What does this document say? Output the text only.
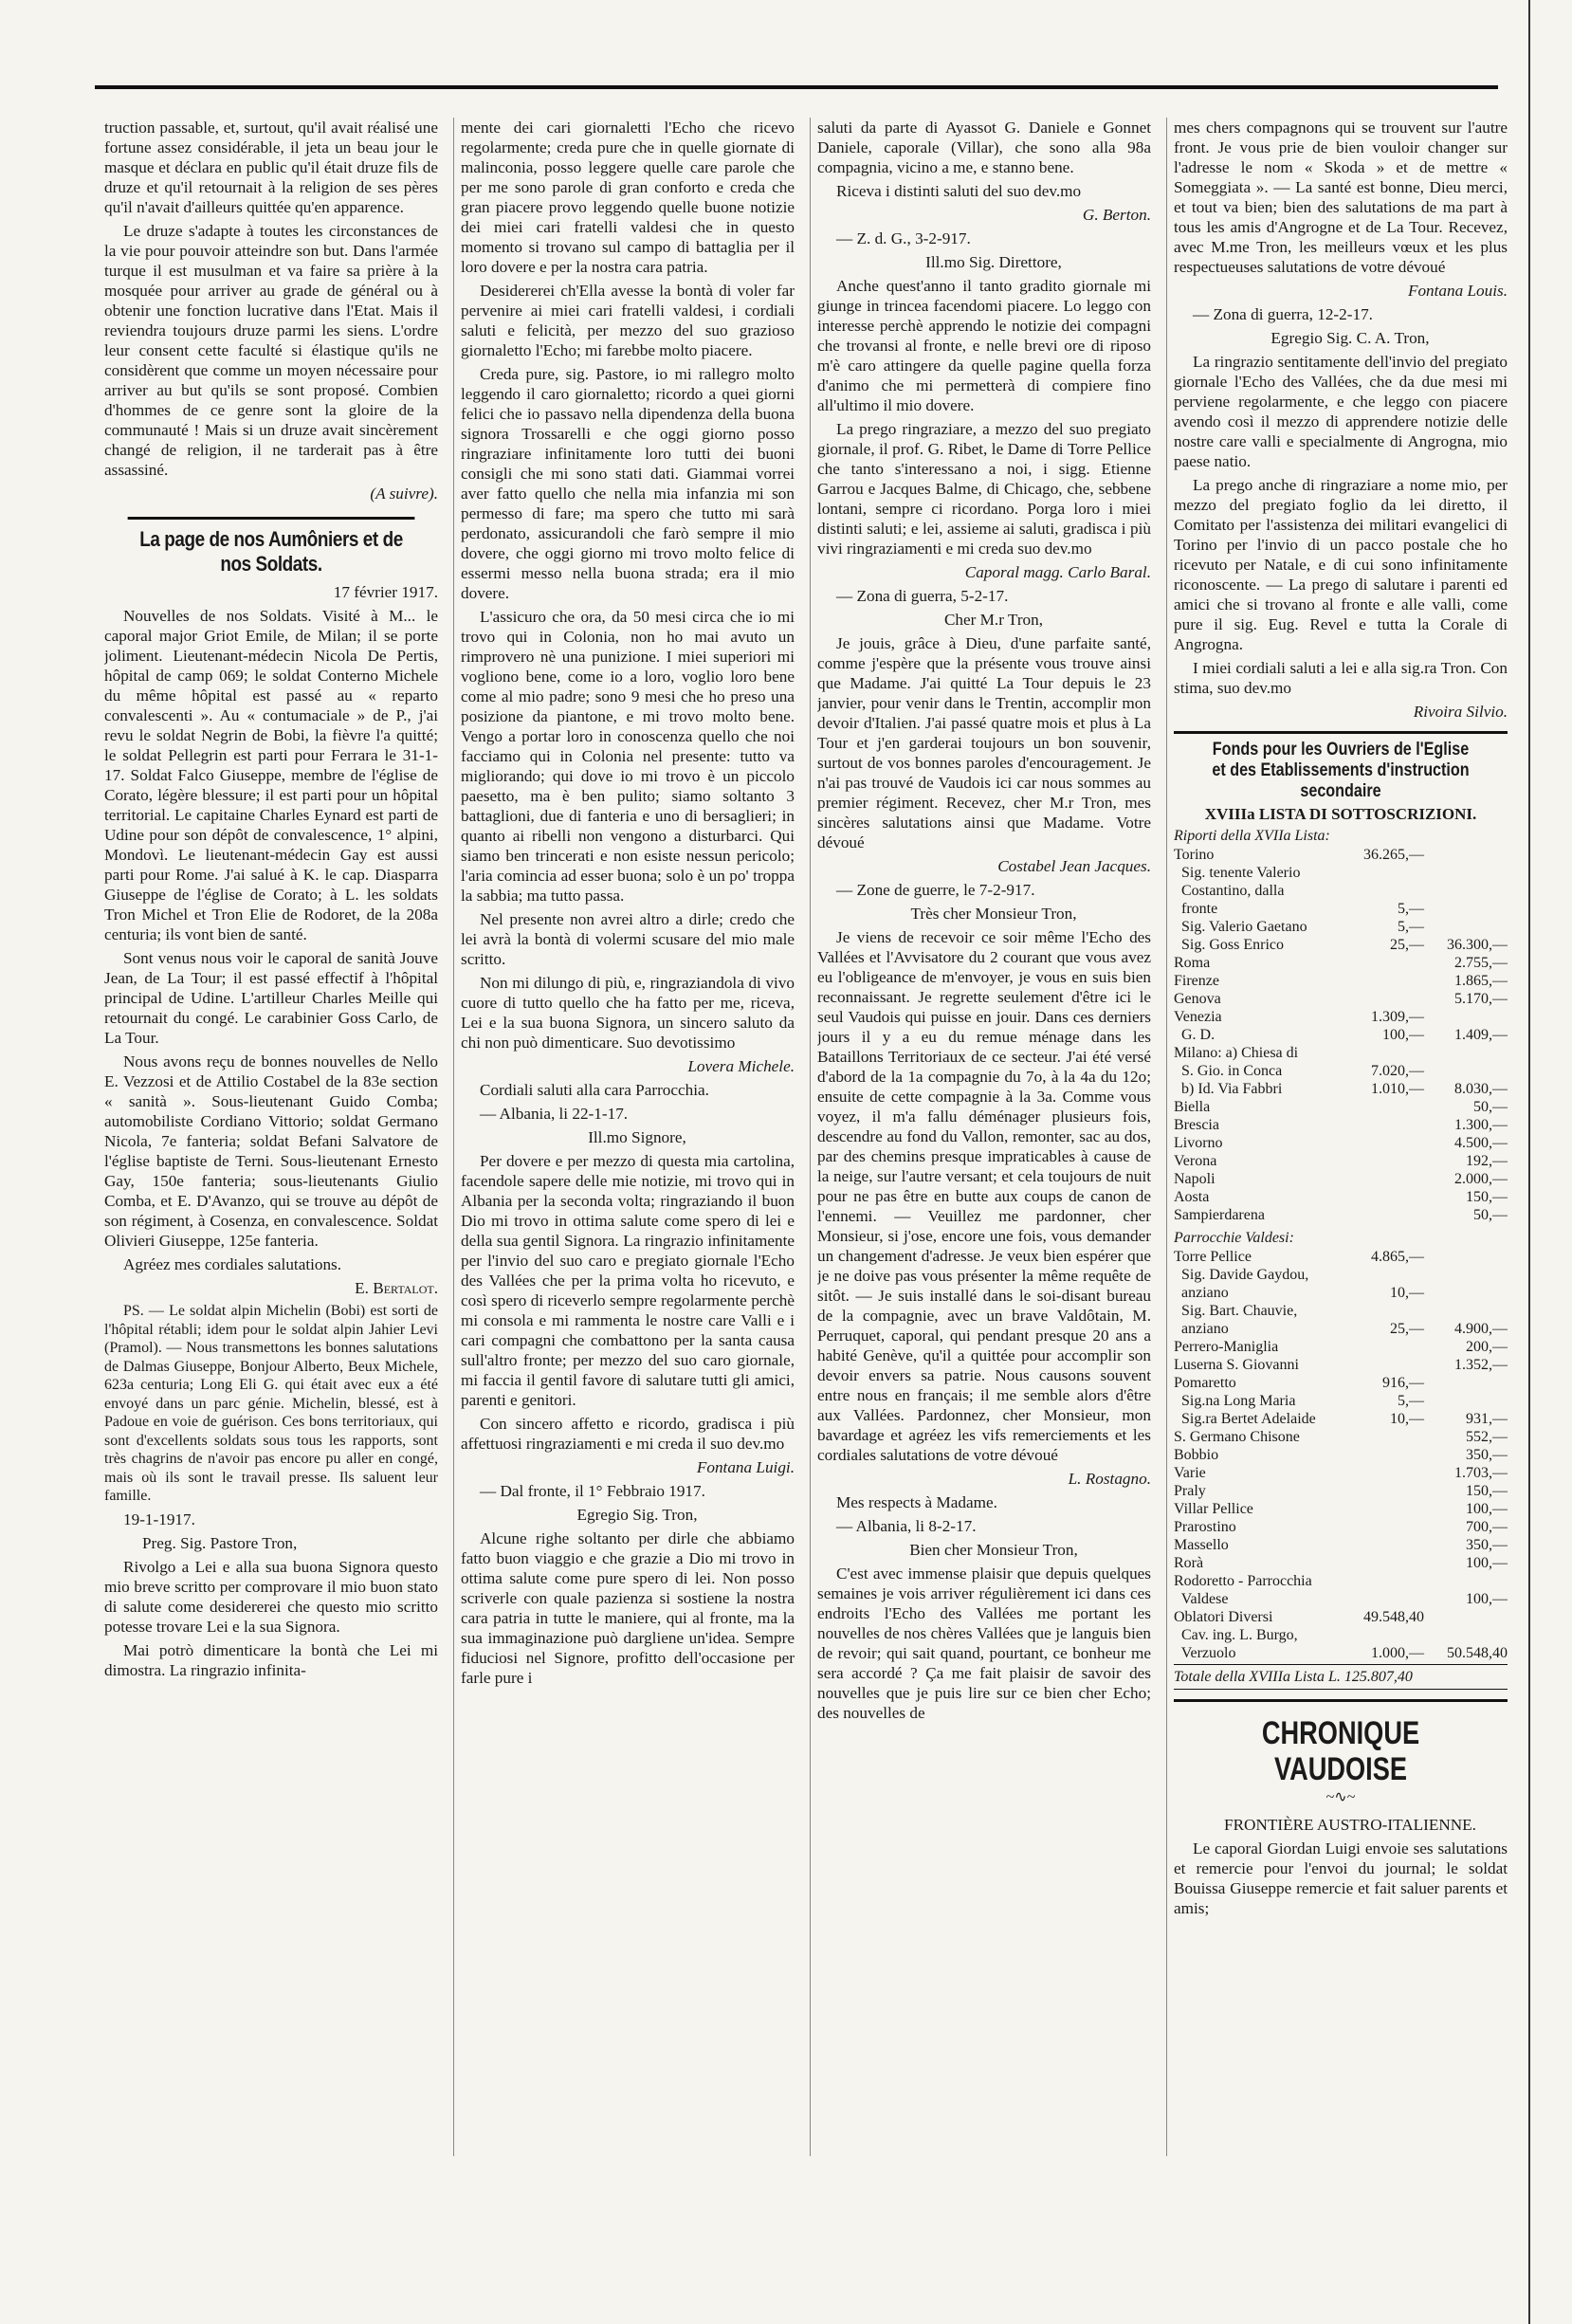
truction passable, et, surtout, qu'il avait réalisé une fortune assez considérable, il jeta un beau jour le masque et déclara en public qu'il était druze fils de druze et qu'il retournait à la religion de ses pères qu'il n'avait d'ailleurs quittée qu'en apparence.

Le druze s'adapte à toutes les circonstances de la vie pour pouvoir atteindre son but. Dans l'armée turque il est musulman et va faire sa prière à la mosquée pour arriver au grade de général ou à obtenir une fonction lucrative dans l'Etat. Mais il reviendra toujours druze parmi les siens. L'ordre leur consent cette faculté si élastique qu'ils ne considèrent que comme un moyen nécessaire pour arriver au but qu'ils se sont proposé. Combien d'hommes de ce genre sont la gloire de la communauté ! Mais si un druze avait sincèrement changé de religion, il ne tarderait pas à être assassiné.

(A suivre).

La page de nos Aumôniers et de nos Soldats.

17 février 1917.

Nouvelles de nos Soldats. Visité à M... le caporal major Griot Emile, de Milan; il se porte joliment. Lieutenant-médecin Nicola De Pertis, hôpital de camp 069; le soldat Conterno Michele du même hôpital est passé au « reparto convalescenti ». Au « contumaciale » de P., j'ai revu le soldat Negrin de Bobi, la fièvre l'a quitté; le soldat Pellegrin est parti pour Ferrara le 31-1-17. Soldat Falco Giuseppe, membre de l'église de Corato, légère blessure; il est parti pour un hôpital territorial. Le capitaine Charles Eynard est parti de Udine pour son dépôt de convalescence, 1° alpini, Mondovì. Le lieutenant-médecin Gay est aussi parti pour Rome. J'ai salué à K. le cap. Diasparra Giuseppe de l'église de Corato; à L. les soldats Tron Michel et Tron Elie de Rodoret, de la 208a centuria; ils vont bien de santé.

Sont venus nous voir le caporal de sanità Jouve Jean, de La Tour; il est passé effectif à l'hôpital principal de Udine. L'artilleur Charles Meille qui retournait du congé. Le carabinier Goss Carlo, de La Tour.

Nous avons reçu de bonnes nouvelles de Nello E. Vezzosi et de Attilio Costabel de la 83e section « sanità ». Sous-lieutenant Guido Comba; automobiliste Cordiano Vittorio; soldat Germano Nicola, 7e fanteria; soldat Befani Salvatore de l'église baptiste de Terni. Sous-lieutenant Ernesto Gay, 150e fanteria; sous-lieutenants Giulio Comba, et E. D'Avanzo, qui se trouve au dépôt de son régiment, à Cosenza, en convalescence. Soldat Olivieri Giuseppe, 125e fanteria.

Agréez mes cordiales salutations.

E. Bertalot.

PS. — Le soldat alpin Michelin (Bobi) est sorti de l'hôpital rétabli; idem pour le soldat alpin Jahier Levi (Pramol). — Nous transmettons les bonnes salutations de Dalmas Giuseppe, Bonjour Alberto, Beux Michele, 623a centuria; Long Eli G. qui était avec eux a été envoyé dans un parc génie. Michelin, blessé, est à Padoue en voie de guérison. Ces bons territoriaux, qui sont d'excellents soldats sous tous les rapports, sont très chagrins de n'avoir pas encore pu aller en congé, mais où ils sont le travail presse. Ils saluent leur famille.

19-1-1917.

Preg. Sig. Pastore Tron,

Rivolgo a Lei e alla sua buona Signora questo mio breve scritto per comprovare il mio buon stato di salute come desidererei che questo mio scritto potesse trovare Lei e la sua Signora.

Mai potrò dimenticare la bontà che Lei mi dimostra. La ringrazio infinita-

mente dei cari giornaletti l'Echo che ricevo regolarmente; creda pure che in quelle giornate di malinconia, posso leggere quelle care parole che per me sono parole di gran conforto e creda che gran piacere provo leggendo quelle buone notizie dei miei cari fratelli valdesi che in questo momento si trovano sul campo di battaglia per il loro dovere e per la nostra cara patria.

Desidererei ch'Ella avesse la bontà di voler far pervenire ai miei cari fratelli valdesi, i cordiali saluti e felicità, per mezzo del suo grazioso giornaletto l'Echo; mi farebbe molto piacere.

Creda pure, sig. Pastore, io mi rallegro molto leggendo il caro giornaletto; ricordo a quei giorni felici che io passavo nella dipendenza della buona signora Trossarelli e che oggi giorno posso ringraziare infinitamente loro tutti dei buoni consigli che mi sono stati dati. Giammai vorrei aver fatto quello che nella mia infanzia mi son permesso di fare; ma spero che tutto mi sarà perdonato, assicurandoli che farò sempre il mio dovere, che oggi giorno mi trovo molto felice di essermi messo nella buona strada; era il mio dovere.

L'assicuro che ora, da 50 mesi circa che io mi trovo qui in Colonia, non ho mai avuto un rimprovero nè una punizione. I miei superiori mi vogliono bene, come io a loro, voglio loro bene come al mio padre; sono 9 mesi che ho preso una posizione da piantone, e mi trovo molto bene. Vengo a portar loro in conoscenza quello che noi facciamo qui in Colonia nel presente: tutto va migliorando; qui dove io mi trovo è un piccolo paesetto, ma è ben pulito; siamo soltanto 3 battaglioni, due di fanteria e uno di bersaglieri; in quanto ai ribelli non vengono a disturbarci. Qui siamo ben trincerati e non esiste nessun pericolo; l'aria comincia ad esser buona; solo è un po' troppa la sabbia; ma tutto passa.

Nel presente non avrei altro a dirle; credo che lei avrà la bontà di volermi scusare del mio male scritto.

Non mi dilungo di più, e, ringraziandola di vivo cuore di tutto quello che ha fatto per me, riceva, Lei e la sua buona Signora, un sincero saluto da chi non può dimenticare. Suo devotissimo

Lovera Michele.

Cordiali saluti alla cara Parrocchia.

— Albania, li 22-1-17.

Ill.mo Signore,

Per dovere e per mezzo di questa mia cartolina, facendole sapere delle mie notizie, mi trovo qui in Albania per la seconda volta; ringraziando il buon Dio mi trovo in ottima salute come spero di lei e della sua gentil Signora. La ringrazio infinitamente per l'invio del suo caro e pregiato giornale l'Echo des Vallées che per la prima volta ho ricevuto, e così spero di riceverlo sempre regolarmente perchè mi consola e mi rammenta le nostre care Valli e i cari compagni che combattono per la santa causa sull'altro fronte; per mezzo del suo caro giornale, mi faccia il gentil favore di salutare tutti gli amici, parenti e genitori.

Con sincero affetto e ricordo, gradisca i più affettuosi ringraziamenti e mi creda il suo dev.mo

Fontana Luigi.

— Dal fronte, il 1° Febbraio 1917.

Egregio Sig. Tron,

Alcune righe soltanto per dirle che abbiamo fatto buon viaggio e che grazie a Dio mi trovo in ottima salute come pure spero di lei. Non posso scriverle con quale pazienza si sostiene la nostra cara patria in tutte le maniere, qui al fronte, ma la sua immaginazione può dargliene un'idea. Sempre fiduciosi nel Signore, profitto dell'occasione per farle pure i

saluti da parte di Ayassot G. Daniele e Gonnet Daniele, caporale (Villar), che sono alla 98a compagnia, vicino a me, e stanno bene.

Riceva i distinti saluti del suo dev.mo

G. Berton.

— Z. d. G., 3-2-917.

Ill.mo Sig. Direttore,

Anche quest'anno il tanto gradito giornale mi giunge in trincea facendomi piacere. Lo leggo con interesse perchè apprendo le notizie dei compagni che trovansi al fronte, e nelle brevi ore di riposo m'è caro attingere da quelle pagine quella forza d'animo che mi permetterà di compiere fino all'ultimo il mio dovere.

La prego ringraziare, a mezzo del suo pregiato giornale, il prof. G. Ribet, le Dame di Torre Pellice che tanto s'interessano a noi, i sigg. Etienne Garrou e Jacques Balme, di Chicago, che, sebbene lontani, sempre ci ricordano. Porga loro i miei distinti saluti; e lei, assieme ai saluti, gradisca i più vivi ringraziamenti e mi creda suo dev.mo

Caporal magg. Carlo Baral.

— Zona di guerra, 5-2-17.

Cher M.r Tron,

Je jouis, grâce à Dieu, d'une parfaite santé, comme j'espère que la présente vous trouve ainsi que Madame. J'ai quitté La Tour depuis le 23 janvier, pour venir dans le Trentin, accomplir mon devoir d'Italien. J'ai passé quatre mois et plus à La Tour et j'en garderai toujours un bon souvenir, surtout de vos bonnes paroles d'encouragement. Je n'ai pas trouvé de Vaudois ici car nous sommes au premier régiment. Recevez, cher M.r Tron, mes sincères salutations ainsi que Madame. Votre dévoué

Costabel Jean Jacques.

— Zone de guerre, le 7-2-917.

Très cher Monsieur Tron,

Je viens de recevoir ce soir même l'Echo des Vallées et l'Avvisatore du 2 courant que vous avez eu l'obligeance de m'envoyer, je vous en suis bien reconnaissant. Je regrette seulement d'être ici le seul Vaudois qui puisse en jouir. Dans ces derniers jours il y a eu du remue ménage dans les Bataillons Territoriaux de ce secteur. J'ai été versé d'abord de la 1a compagnie du 7o, à la 4a du 12o; ensuite de cette compagnie à la 3a. Comme vous voyez, il m'a fallu déménager plusieurs fois, descendre au fond du Vallon, remonter, sac au dos, par des chemins presque impraticables à cause de la neige, sur l'autre versant; et cela toujours de nuit pour ne pas être en butte aux coups de canon de l'ennemi. — Veuillez me pardonner, cher Monsieur, si j'ose, encore une fois, vous demander un changement d'adresse. Je veux bien espérer que je ne doive pas vous présenter la même requête de sitôt. — Je suis installé dans le soi-disant bureau de la compagnie, avec un brave Valdôtain, M. Perruquet, caporal, qui pendant presque 20 ans a habité Genève, qu'il a quittée pour accomplir son devoir envers sa patrie. Nous causons souvent entre nous en français; il me semble alors d'être aux Vallées. Pardonnez, cher Monsieur, mon bavardage et agréez les vifs remerciements et les cordiales salutations de votre dévoué

L. Rostagno.

Mes respects à Madame.

— Albania, li 8-2-17.

Bien cher Monsieur Tron,

C'est avec immense plaisir que depuis quelques semaines je vois arriver régulièrement ici dans ces endroits l'Echo des Vallées me portant les nouvelles de nos chères Vallées que je languis bien de revoir; qui sait quand, pourtant, ce bonheur me sera accordé ? Ça me fait plaisir de savoir des nouvelles que je puis lire sur ce bien cher Echo; des nouvelles de

mes chers compagnons qui se trouvent sur l'autre front. Je vous prie de bien vouloir changer sur l'adresse le nom « Skoda » et de mettre « Someggiata ». — La santé est bonne, Dieu merci, et tout va bien; bien des salutations de ma part à tous les amis d'Angrogne et de La Tour. Recevez, avec M.me Tron, les meilleurs vœux et les plus respectueuses salutations de votre dévoué

Fontana Louis.

— Zona di guerra, 12-2-17.

Egregio Sig. C. A. Tron,

La ringrazio sentitamente dell'invio del pregiato giornale l'Echo des Vallées, che da due mesi mi perviene regolarmente, e che leggo con piacere avendo così il mezzo di apprendere notizie delle nostre care valli e specialmente di Angrogna, mio paese natio.

La prego anche di ringraziare a nome mio, per mezzo del pregiato foglio da lei diretto, il Comitato per l'assistenza dei militari evangelici di Torino per l'invio di un pacco postale che ho ricevuto per Natale, e di cui sono infinitamente riconoscente. — La prego di salutare i parenti ed amici che si trovano al fronte e alle valli, come pure il sig. Eug. Revel e tutta la Corale di Angrogna.

I miei cordiali saluti a lei e alla sig.ra Tron. Con stima, suo dev.mo

Rivoira Silvio.

Fonds pour les Ouvriers de l'Eglise
et des Etablissements d'instruction secondaire
XVIIIa LISTA DI SOTTOSCRIZIONI.
Riporti della XVIIa Lista:
Torino	36.265,—	
Sig. tenente Valerio		
Costantino, dalla		
fronte	5,—	
Sig. Valerio Gaetano	5,—	
Sig. Goss Enrico	25,—	36.300,—
Roma		2.755,—
Firenze		1.865,—
Genova		5.170,—
Venezia	1.309,—	
G. D.	100,—	1.409,—
Milano: a) Chiesa di		
S. Gio. in Conca	7.020,—	
b) Id. Via Fabbri	1.010,—	8.030,—
Biella		50,—
Brescia		1.300,—
Livorno		4.500,—
Verona		192,—
Napoli		2.000,—
Aosta		150,—
Sampierdarena		50,—
Parrocchie Valdesi:
Torre Pellice	4.865,—	
Sig. Davide Gaydou,		
anziano	10,—	
Sig. Bart. Chauvie,		
anziano	25,—	4.900,—
Perrero-Maniglia		200,—
Luserna S. Giovanni		1.352,—
Pomaretto	916,—	
Sig.na Long Maria	5,—	
Sig.ra Bertet Adelaide	10,—	931,—
S. Germano Chisone		552,—
Bobbio		350,—
Varie		1.703,—
Praly		150,—
Villar Pellice		100,—
Prarostino		700,—
Massello		350,—
Rorà		100,—
Rodoretto - Parrocchia		
Valdese		100,—
Oblatori Diversi	49.548,40	
Cav. ing. L. Burgo,		
Verzuolo	1.000,—	50.548,40
Totale della XVIIIa Lista L. 125.807,40
CHRONIQUE VAUDOISE
~∿~

FRONTIÈRE AUSTRO-ITALIENNE.

Le caporal Giordan Luigi envoie ses salutations et remercie pour l'envoi du journal; le soldat Bouissa Giuseppe remercie et fait saluer parents et amis;
